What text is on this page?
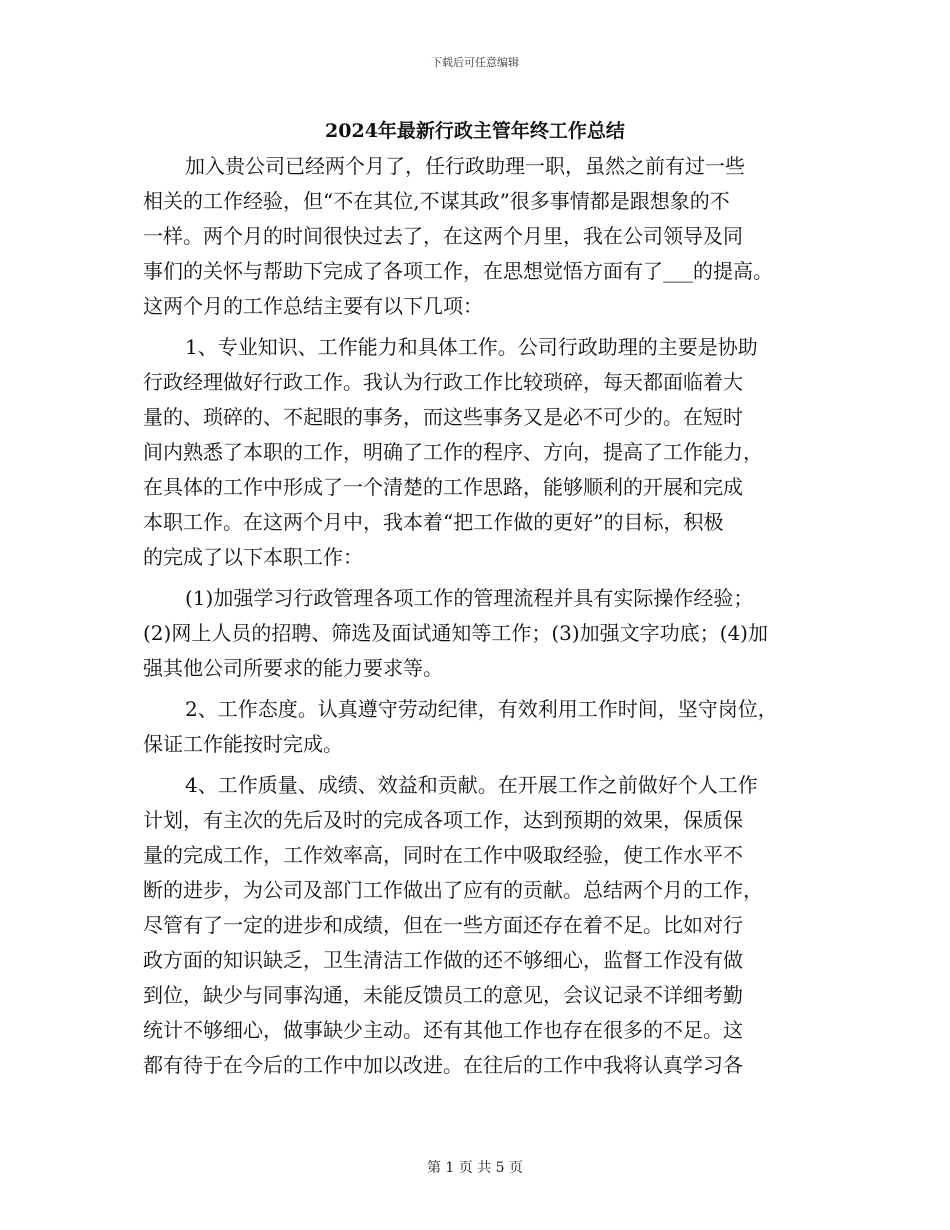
下载后可任意编辑
2024年最新行政主管年终工作总结
加入贵公司已经两个月了，任行政助理一职，虽然之前有过一些
相关的工作经验，但“不在其位,不谋其政”很多事情都是跟想象的不
一样。两个月的时间很快过去了，在这两个月里，我在公司领导及同
事们的关怀与帮助下完成了各项工作，在思想觉悟方面有了___的提高。
这两个月的工作总结主要有以下几项：
1、专业知识、工作能力和具体工作。公司行政助理的主要是协助
行政经理做好行政工作。我认为行政工作比较琐碎，每天都面临着大
量的、琐碎的、不起眼的事务，而这些事务又是必不可少的。在短时
间内熟悉了本职的工作，明确了工作的程序、方向，提高了工作能力，
在具体的工作中形成了一个清楚的工作思路，能够顺利的开展和完成
本职工作。在这两个月中，我本着“把工作做的更好”的目标，积极
的完成了以下本职工作：
(1)加强学习行政管理各项工作的管理流程并具有实际操作经验；
(2)网上人员的招聘、筛选及面试通知等工作；(3)加强文字功底；(4)加
强其他公司所要求的能力要求等。
2、工作态度。认真遵守劳动纪律，有效利用工作时间，坚守岗位，
保证工作能按时完成。
4、工作质量、成绩、效益和贡献。在开展工作之前做好个人工作
计划，有主次的先后及时的完成各项工作，达到预期的效果，保质保
量的完成工作，工作效率高，同时在工作中吸取经验，使工作水平不
断的进步，为公司及部门工作做出了应有的贡献。总结两个月的工作，
尽管有了一定的进步和成绩，但在一些方面还存在着不足。比如对行
政方面的知识缺乏，卫生清洁工作做的还不够细心，监督工作没有做
到位，缺少与同事沟通，未能反馈员工的意见，会议记录不详细考勤
统计不够细心，做事缺少主动。还有其他工作也存在很多的不足。这
都有待于在今后的工作中加以改进。在往后的工作中我将认真学习各
第 1 页 共 5 页
